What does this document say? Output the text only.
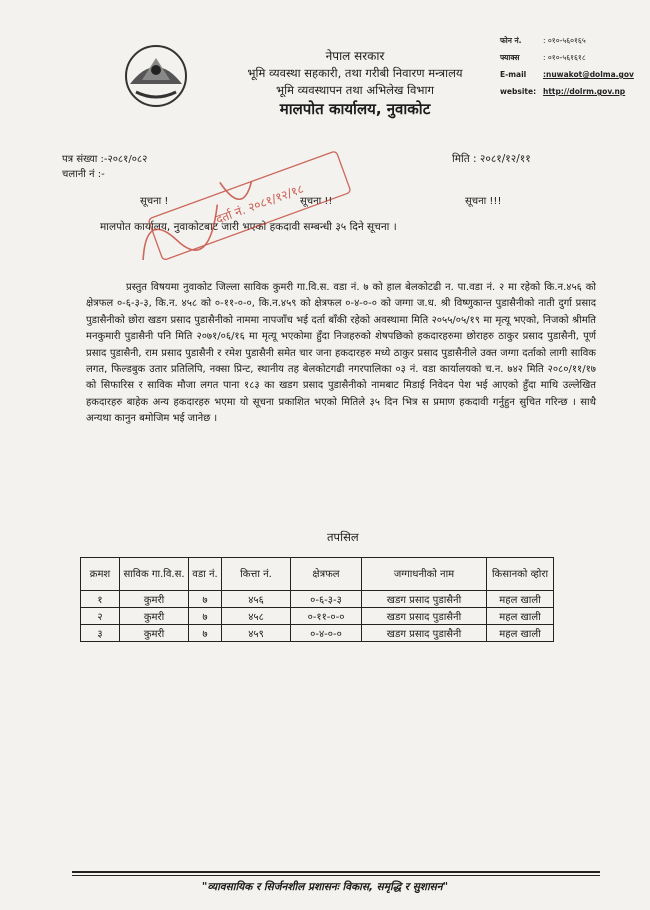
नेपाल सरकार
भूमि व्यवस्था सहकारी, तथा गरीबी निवारण मन्त्रालय
भूमि व्यवस्थापन तथा अभिलेख विभाग
मालपोत कार्यालय, नुवाकोट
फोन नं.	: ०१०-५६०१६५
फ्याक्स	: ०१०-५६१६१८
E-mail :nuwakot@dolma.gov
website: http://dolrm.gov.np
पत्र संख्या :-२०८१/०८२
चलानी नं :-
मिति : २०८१/१२/११
सूचना !	सूचना !!	सूचना !!!
मालपोत कार्यालय, नुवाकोटबाट जारी भएको हकदावी सम्बन्धी ३५ दिने सूचना ।
प्रस्तुत विषयमा नुवाकोट जिल्ला साविक कुमरी गा.वि.स. वडा नं. ७ को हाल बेलकोटढी न. पा.वडा नं. २ मा रहेको कि.न.४५६ को क्षेत्रफल ०-६-३-३, कि.न. ४५८ को ०-११-०-०, कि.न.४५९ को क्षेत्रफल ०-४-०-० को जग्गा ज.ध. श्री विष्णुकान्त पुडासैनीको नाती दुर्गा प्रसाद पुडासैनीको छोरा खडग प्रसाद पुडासैनीको नाममा नापजाँच भई दर्ता बाँकी रहेको अवस्थामा मिति २०५५/०५/१९ मा मृत्यू भएको, निजको श्रीमति मनकुमारी पुडासैनी पनि मिति २०७१/०६/१६ मा मृत्यू भएकोमा हुँदा निजहरुको शेषपछिको हकदारहरुमा छोराहरु ठाकुर प्रसाद पुडासैनी, पूर्ण प्रसाद पुडासैनी, राम प्रसाद पुडासैनी र रमेश पुडासैनी समेत चार जना हकदारहरु मध्ये ठाकुर प्रसाद पुडासैनीले उक्त जग्गा दर्ताको लागी साविक लगत, फिल्डबुक उतार प्रतिलिपि, नक्सा प्रिन्ट, स्थानीय तह बेलकोटगढी नगरपालिका ०३ नं. वडा कार्यालयको च.न. ७४२ मिति २०८०/११/१७ को सिफारिस र साविक मौजा लगत पाना १८३ का खडग प्रसाद पुडासैनीको नामबाट मिडाई निवेदन पेश भई आएको हुँदा माथि उल्लेखित हकदारहरु बाहेक अन्य हकदारहरु भएमा यो सूचना प्रकाशित भएको मितिले ३५ दिन भित्र स प्रमाण हकदावी गर्नुहुन सुचित गरिन्छ । साथै अन्यथा कानुन बमोजिम भई जानेछ ।
तपसिल
क्रमश	साविक गा.वि.स.	वडा नं.	कित्ता नं.	क्षेत्रफल	जग्गाधनीको नाम	किसानको व्होरा
१	कुमरी	७	४५६	०-६-३-३	खडग प्रसाद पुडासैनी	महल खाली
२	कुमरी	७	४५८	०-११-०-०	खडग प्रसाद पुडासैनी	महल खाली
३	कुमरी	७	४५९	०-४-०-०	खडग प्रसाद पुडासैनी	महल खाली
दर्ता नं. २०८१/१२/१८
"व्यावसायिक र सिर्जनशील प्रशासनः विकास, समृद्धि र सुशासन"
